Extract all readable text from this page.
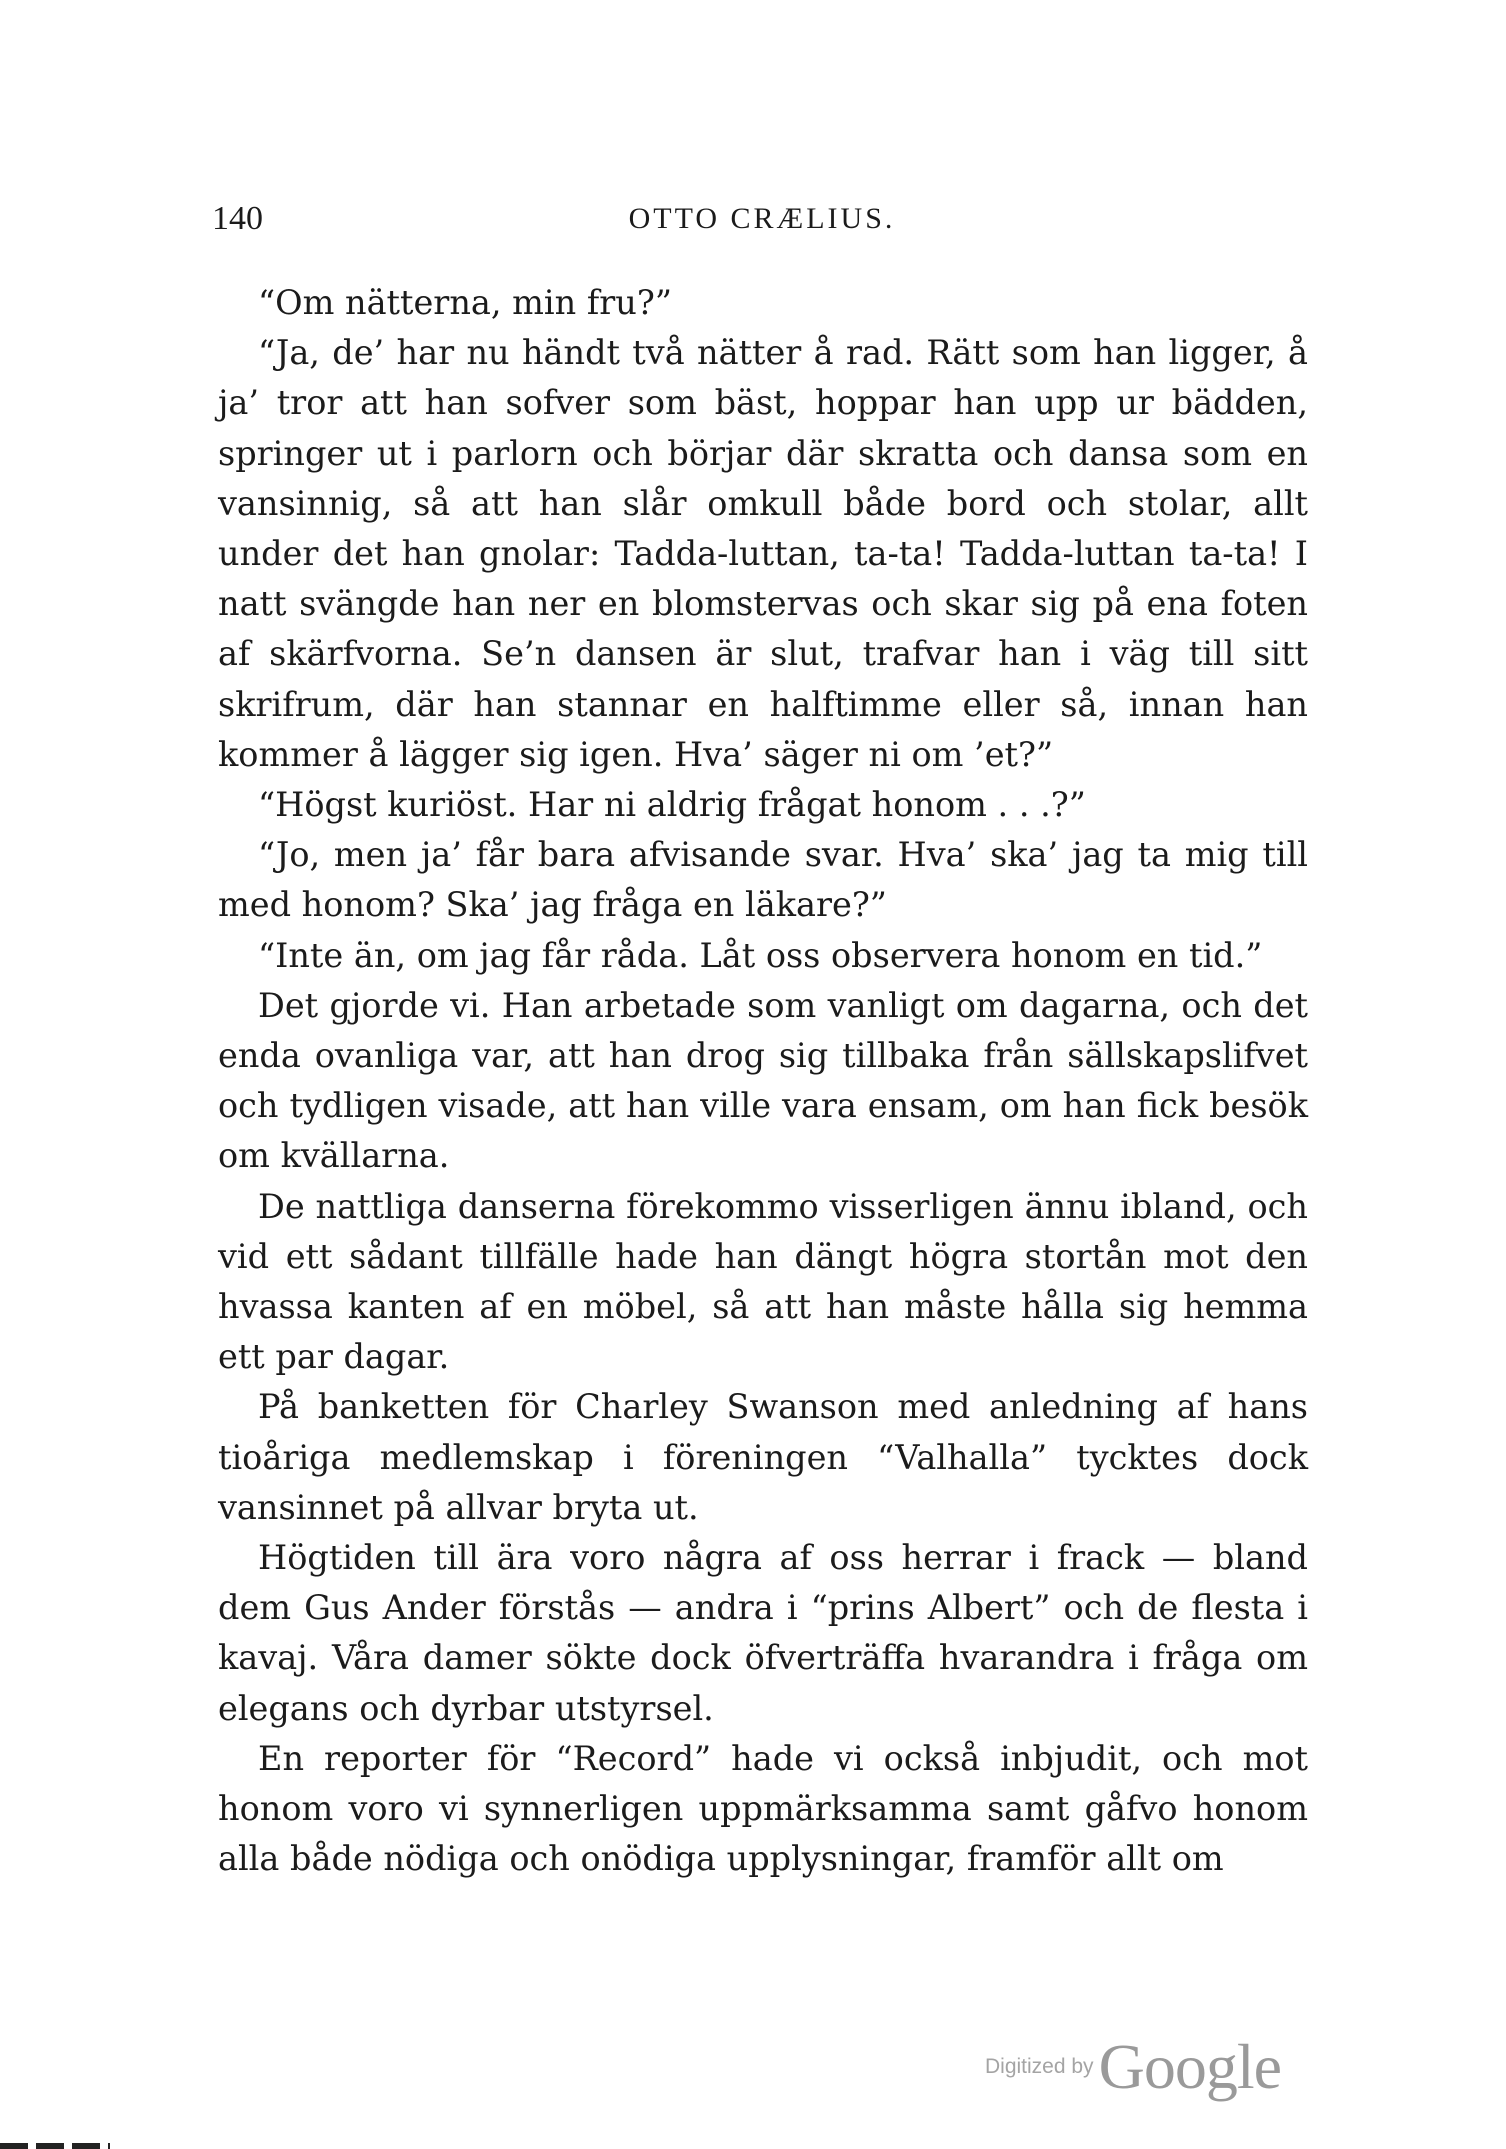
140	OTTO CRÆLIUS.

“Om nätterna, min fru?”

“Ja, de’ har nu händt två nätter å rad. Rätt som han ligger, å ja’ tror att han sofver som bäst, hoppar han upp ur bädden, springer ut i parlorn och börjar där skratta och dansa som en vansinnig, så att han slår omkull både bord och stolar, allt under det han gnolar: Tadda-luttan, ta-ta! Tadda-luttan ta-ta! I natt svängde han ner en blomstervas och skar sig på ena foten af skärfvorna. Se’n dansen är slut, trafvar han i väg till sitt skrifrum, där han stannar en halftimme eller så, innan han kommer å lägger sig igen. Hva’ säger ni om ’et?”

“Högst kuriöst. Har ni aldrig frågat honom . . .?”

“Jo, men ja’ får bara afvisande svar. Hva’ ska’ jag ta mig till med honom? Ska’ jag fråga en läkare?”

“Inte än, om jag får råda. Låt oss observera honom en tid.”

Det gjorde vi. Han arbetade som vanligt om dagarna, och det enda ovanliga var, att han drog sig tillbaka från sällskapslifvet och tydligen visade, att han ville vara ensam, om han fick besök om kvällarna.

De nattliga danserna förekommo visserligen ännu ibland, och vid ett sådant tillfälle hade han dängt högra stortån mot den hvassa kanten af en möbel, så att han måste hålla sig hemma ett par dagar.

På banketten för Charley Swanson med anledning af hans tioåriga medlemskap i föreningen “Valhalla” tycktes dock vansinnet på allvar bryta ut.

Högtiden till ära voro några af oss herrar i frack — bland dem Gus Ander förstås — andra i “prins Albert” och de flesta i kavaj. Våra damer sökte dock öfverträffa hvarandra i fråga om elegans och dyrbar utstyrsel.

En reporter för “Record” hade vi också inbjudit, och mot honom voro vi synnerligen uppmärksamma samt gåfvo honom alla både nödiga och onödiga upplysningar, framför allt om

Digitized by Google
